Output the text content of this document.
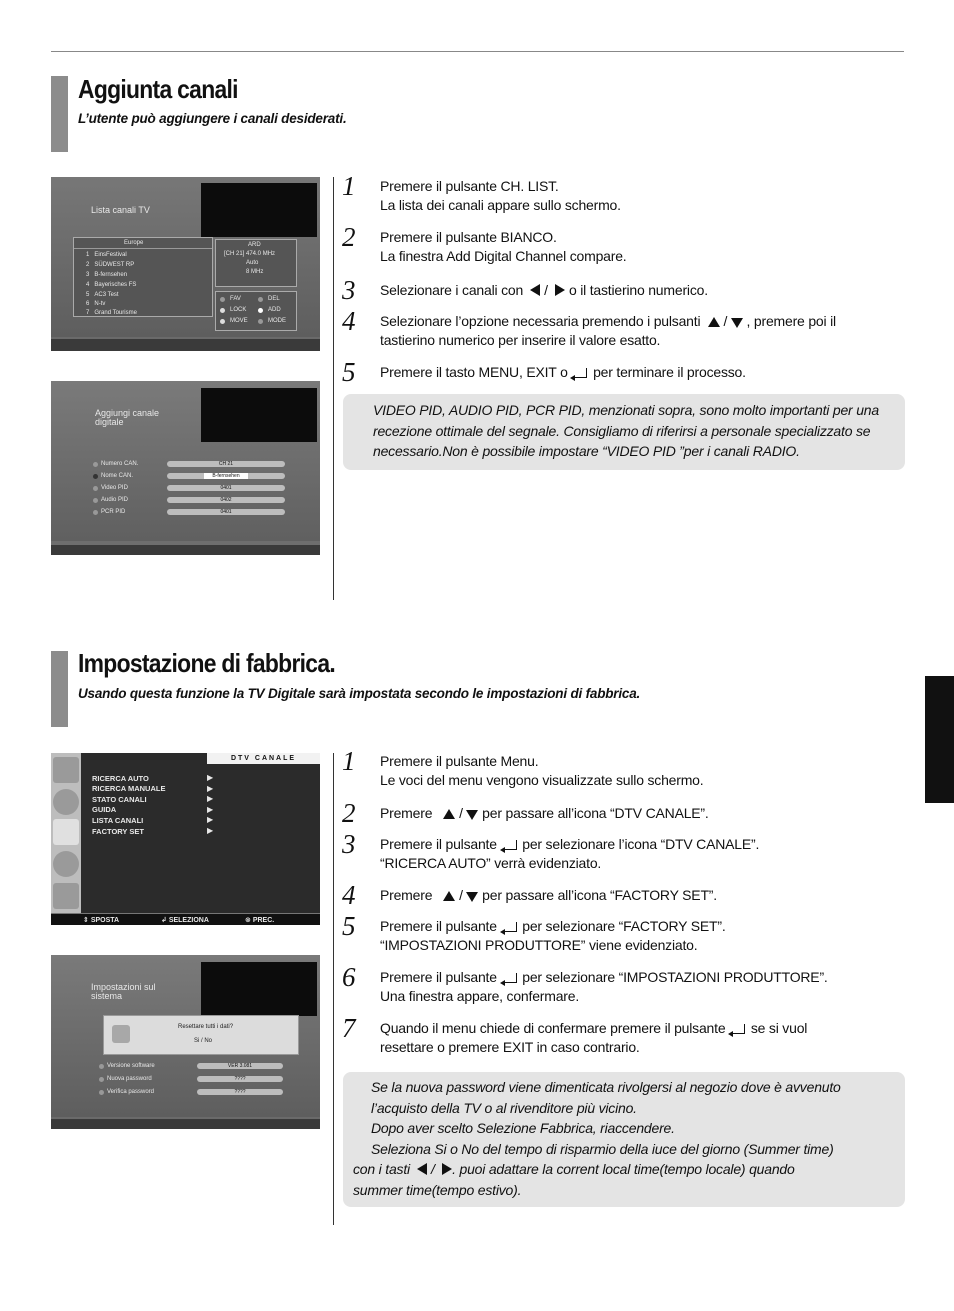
Aggiunta canali
L’utente può aggiungere i canali desiderati.
Lista canali TV
Europe
1 EinsFestival
2 SÜDWEST RP
3 B-fernsehen
4 Bayerisches FS
5 AC3 Test
6 N-tv
7 Grand Tourisme
ARD
[CH 21] 474.0 MHz
Auto
8 MHz
FAV	DEL
LOCK	ADD
MOVE	MODE
Aggiungi canale digitale
Numero CAN.	CH 21
Nome CAN.	B-fernsehen
Video PID	0401
Audio PID	0402
PCR PID	0401
1 Premere il pulsante CH. LIST.
La lista dei canali appare sullo schermo.
2 Premere il pulsante BIANCO.
La finestra Add Digital Channel compare.
3 Selezionare i canali con   /   o il tastierino numerico.
4 Selezionare l’opzione necessaria premendo i pulsanti   /  , premere poi il
tastierino numerico per inserire il valore esatto.
5 Premere il tasto MENU, EXIT o per terminare il processo.
VIDEO PID, AUDIO PID, PCR PID, menzionati sopra, sono molto importanti per una recezione ottimale del segnale. Consigliamo di riferirsi a personale specializzato se necessario.Non è possibile impostare “VIDEO PID ”per i canali RADIO.
Impostazione di fabbrica.
Usando questa funzione la TV Digitale sarà impostata secondo le impostazioni di fabbrica.
DTV CANALE
RICERCA AUTO
RICERCA MANUALE
STATO CANALI
GUIDA
LISTA CANALI
FACTORY SET
▶
▶
▶
▶
▶
▶
⇕ SPOSTA	↲ SELEZIONA	⊗ PREC.
Impostazioni sul sistema
Resettare tutti i dati?
Si / No
Versione software	VER 3.081
Nuova password	????
Verifica password	????
1 Premere il pulsante Menu.
Le voci del menu vengono visualizzate sullo schermo.
2 Premere    /  per passare all’icona “DTV CANALE”.
3 Premere il pulsante per selezionare l’icona “DTV CANALE”.
“RICERCA AUTO” verrà evidenziato.
4 Premere    /  per passare all’icona “FACTORY SET”.
5 Premere il pulsante per selezionare “FACTORY SET”.
“IMPOSTAZIONI PRODUTTORE” viene evidenziato.
6 Premere il pulsante per selezionare “IMPOSTAZIONI PRODUTTORE”.
Una finestra appare, confermare.
7 Quando il menu chiede di confermare premere il pulsante se si vuol
resettare o premere EXIT in caso contrario.
Se la nuova password viene dimenticata rivolgersi al negozio dove è avvenuto
l’acquisto della TV o al rivenditore più vicino.
Dopo aver scelto Selezione Fabbrica, riaccendere.
Seleziona Si o No del tempo di risparmio della iuce del giorno (Summer time)
con i tasti   /  . puoi adattare la corrent local time(tempo locale) quando
summer time(tempo estivo).
